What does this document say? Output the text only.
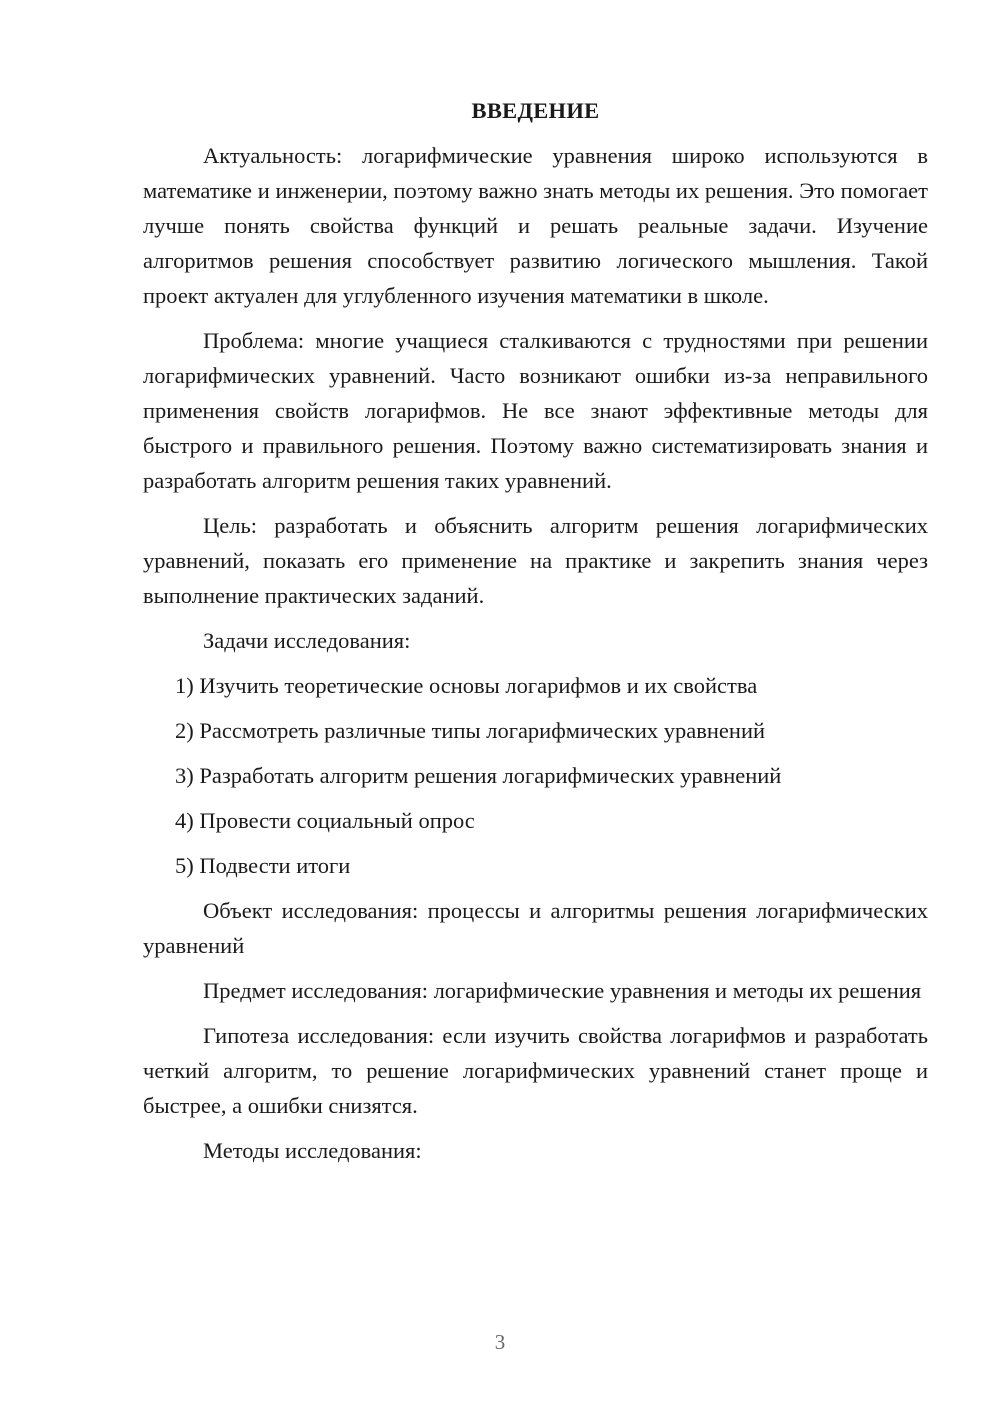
ВВЕДЕНИЕ

Актуальность: логарифмические уравнения широко используются в математике и инженерии, поэтому важно знать методы их решения. Это помогает лучше понять свойства функций и решать реальные задачи. Изучение алгоритмов решения способствует развитию логического мышления. Такой проект актуален для углубленного изучения математики в школе.

Проблема: многие учащиеся сталкиваются с трудностями при решении логарифмических уравнений. Часто возникают ошибки из-за неправильного применения свойств логарифмов. Не все знают эффективные методы для быстрого и правильного решения. Поэтому важно систематизировать знания и разработать алгоритм решения таких уравнений.

Цель: разработать и объяснить алгоритм решения логарифмических уравнений, показать его применение на практике и закрепить знания через выполнение практических заданий.

Задачи исследования:

1) Изучить теоретические основы логарифмов и их свойства

2) Рассмотреть различные типы логарифмических уравнений

3) Разработать алгоритм решения логарифмических уравнений

4) Провести социальный опрос

5) Подвести итоги

Объект исследования: процессы и алгоритмы решения логарифмических уравнений

Предмет исследования: логарифмические уравнения и методы их решения

Гипотеза исследования: если изучить свойства логарифмов и разработать четкий алгоритм, то решение логарифмических уравнений станет проще и быстрее, а ошибки снизятся.

Методы исследования:

3
